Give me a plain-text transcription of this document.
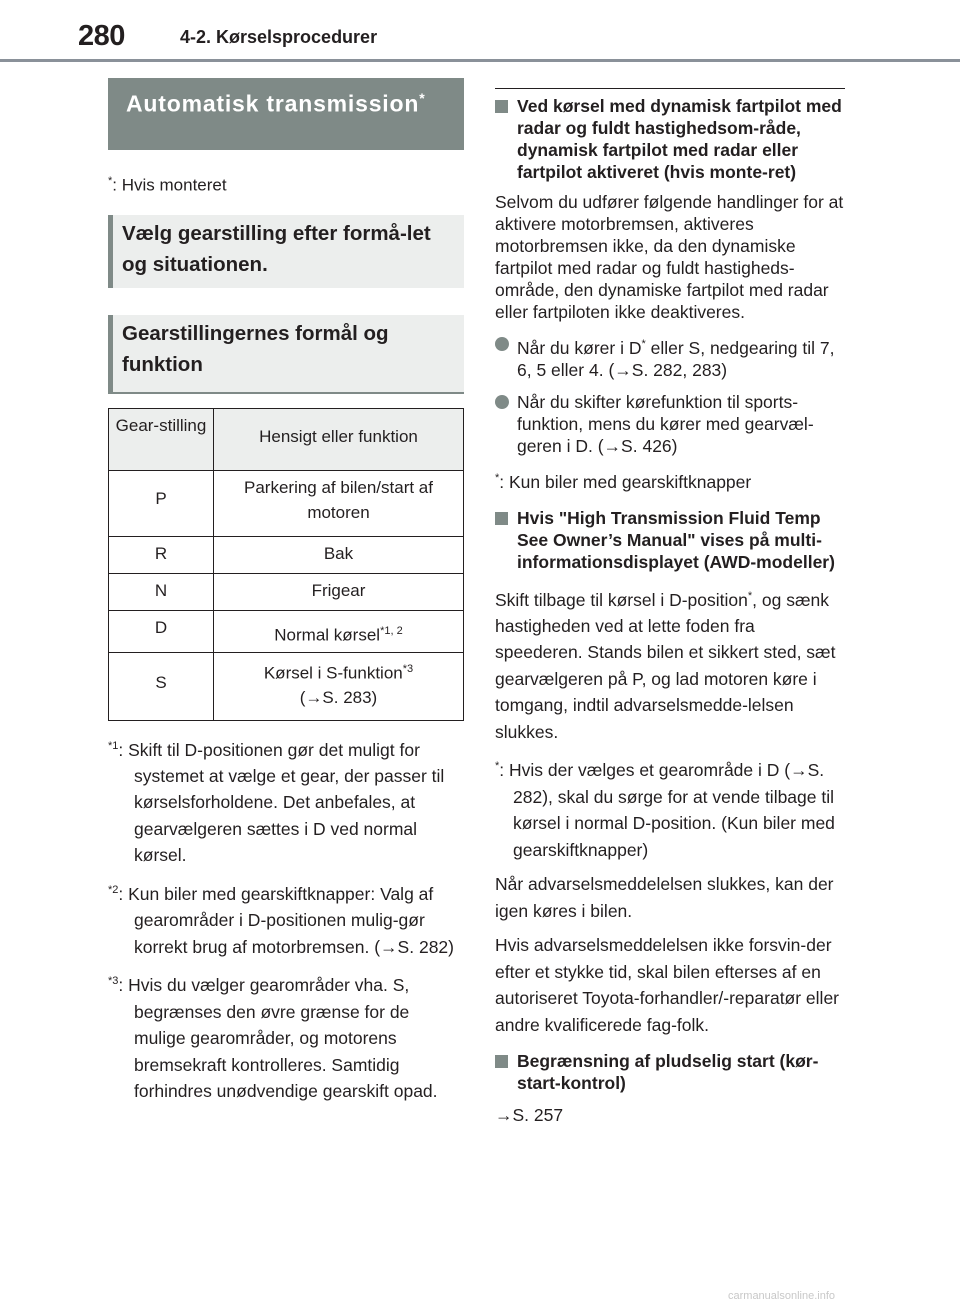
280	4-2. Kørselsprocedurer
Automatisk transmission*
*: Hvis monteret
Vælg gearstilling efter formå-let og situationen.
Gearstillingernes formål og funktion
Gear-stilling	Hensigt eller funktion
P	Parkering af bilen/start af motoren
R	Bak
N	Frigear
D	Normal kørsel$^{*1, 2}$
S	Kørsel i S-funktion$^{*3}$
(→S. 283)
$^{*1}$: Skift til D-positionen gør det muligt for systemet at vælge et gear, der passer til kørselsforholdene. Det anbefales, at gearvælgeren sættes i D ved normal kørsel.
$^{*2}$: Kun biler med gearskiftknapper: Valg af gearområder i D-positionen mulig-gør korrekt brug af motorbremsen. (→S. 282)
$^{*3}$: Hvis du vælger gearområder vha. S, begrænses den øvre grænse for de mulige gearområder, og motorens bremsekraft kontrolleres. Samtidig forhindres unødvendige gearskift opad.
Ved kørsel med dynamisk fartpilot med radar og fuldt hastighedsom-råde, dynamisk fartpilot med radar eller fartpilot aktiveret (hvis monte-ret)
Selvom du udfører følgende handlinger for at aktivere motorbremsen, aktiveres motorbremsen ikke, da den dynamiske fartpilot med radar og fuldt hastigheds-område, den dynamiske fartpilot med radar eller fartpiloten ikke deaktiveres.
Når du kører i D* eller S, nedgearing til 7, 6, 5 eller 4. (→S. 282, 283)
Når du skifter kørefunktion til sports-funktion, mens du kører med gearvæl-geren i D. (→S. 426)
*: Kun biler med gearskiftknapper
Hvis "High Transmission Fluid Temp See Owner’s Manual" vises på multi-informationsdisplayet (AWD-modeller)
Skift tilbage til kørsel i D-position*, og sænk hastigheden ved at lette foden fra speederen. Stands bilen et sikkert sted, sæt gearvælgeren på P, og lad motoren køre i tomgang, indtil advarselsmedde-lelsen slukkes.
*: Hvis der vælges et gearområde i D (→S. 282), skal du sørge for at vende tilbage til kørsel i normal D-position. (Kun biler med gearskiftknapper)
Når advarselsmeddelelsen slukkes, kan der igen køres i bilen.
Hvis advarselsmeddelelsen ikke forsvin-der efter et stykke tid, skal bilen efterses af en autoriseret Toyota-forhandler/-reparatør eller andre kvalificerede fag-folk.
Begrænsning af pludselig start (kør-start-kontrol)
→S. 257
carmanualsonline.info
